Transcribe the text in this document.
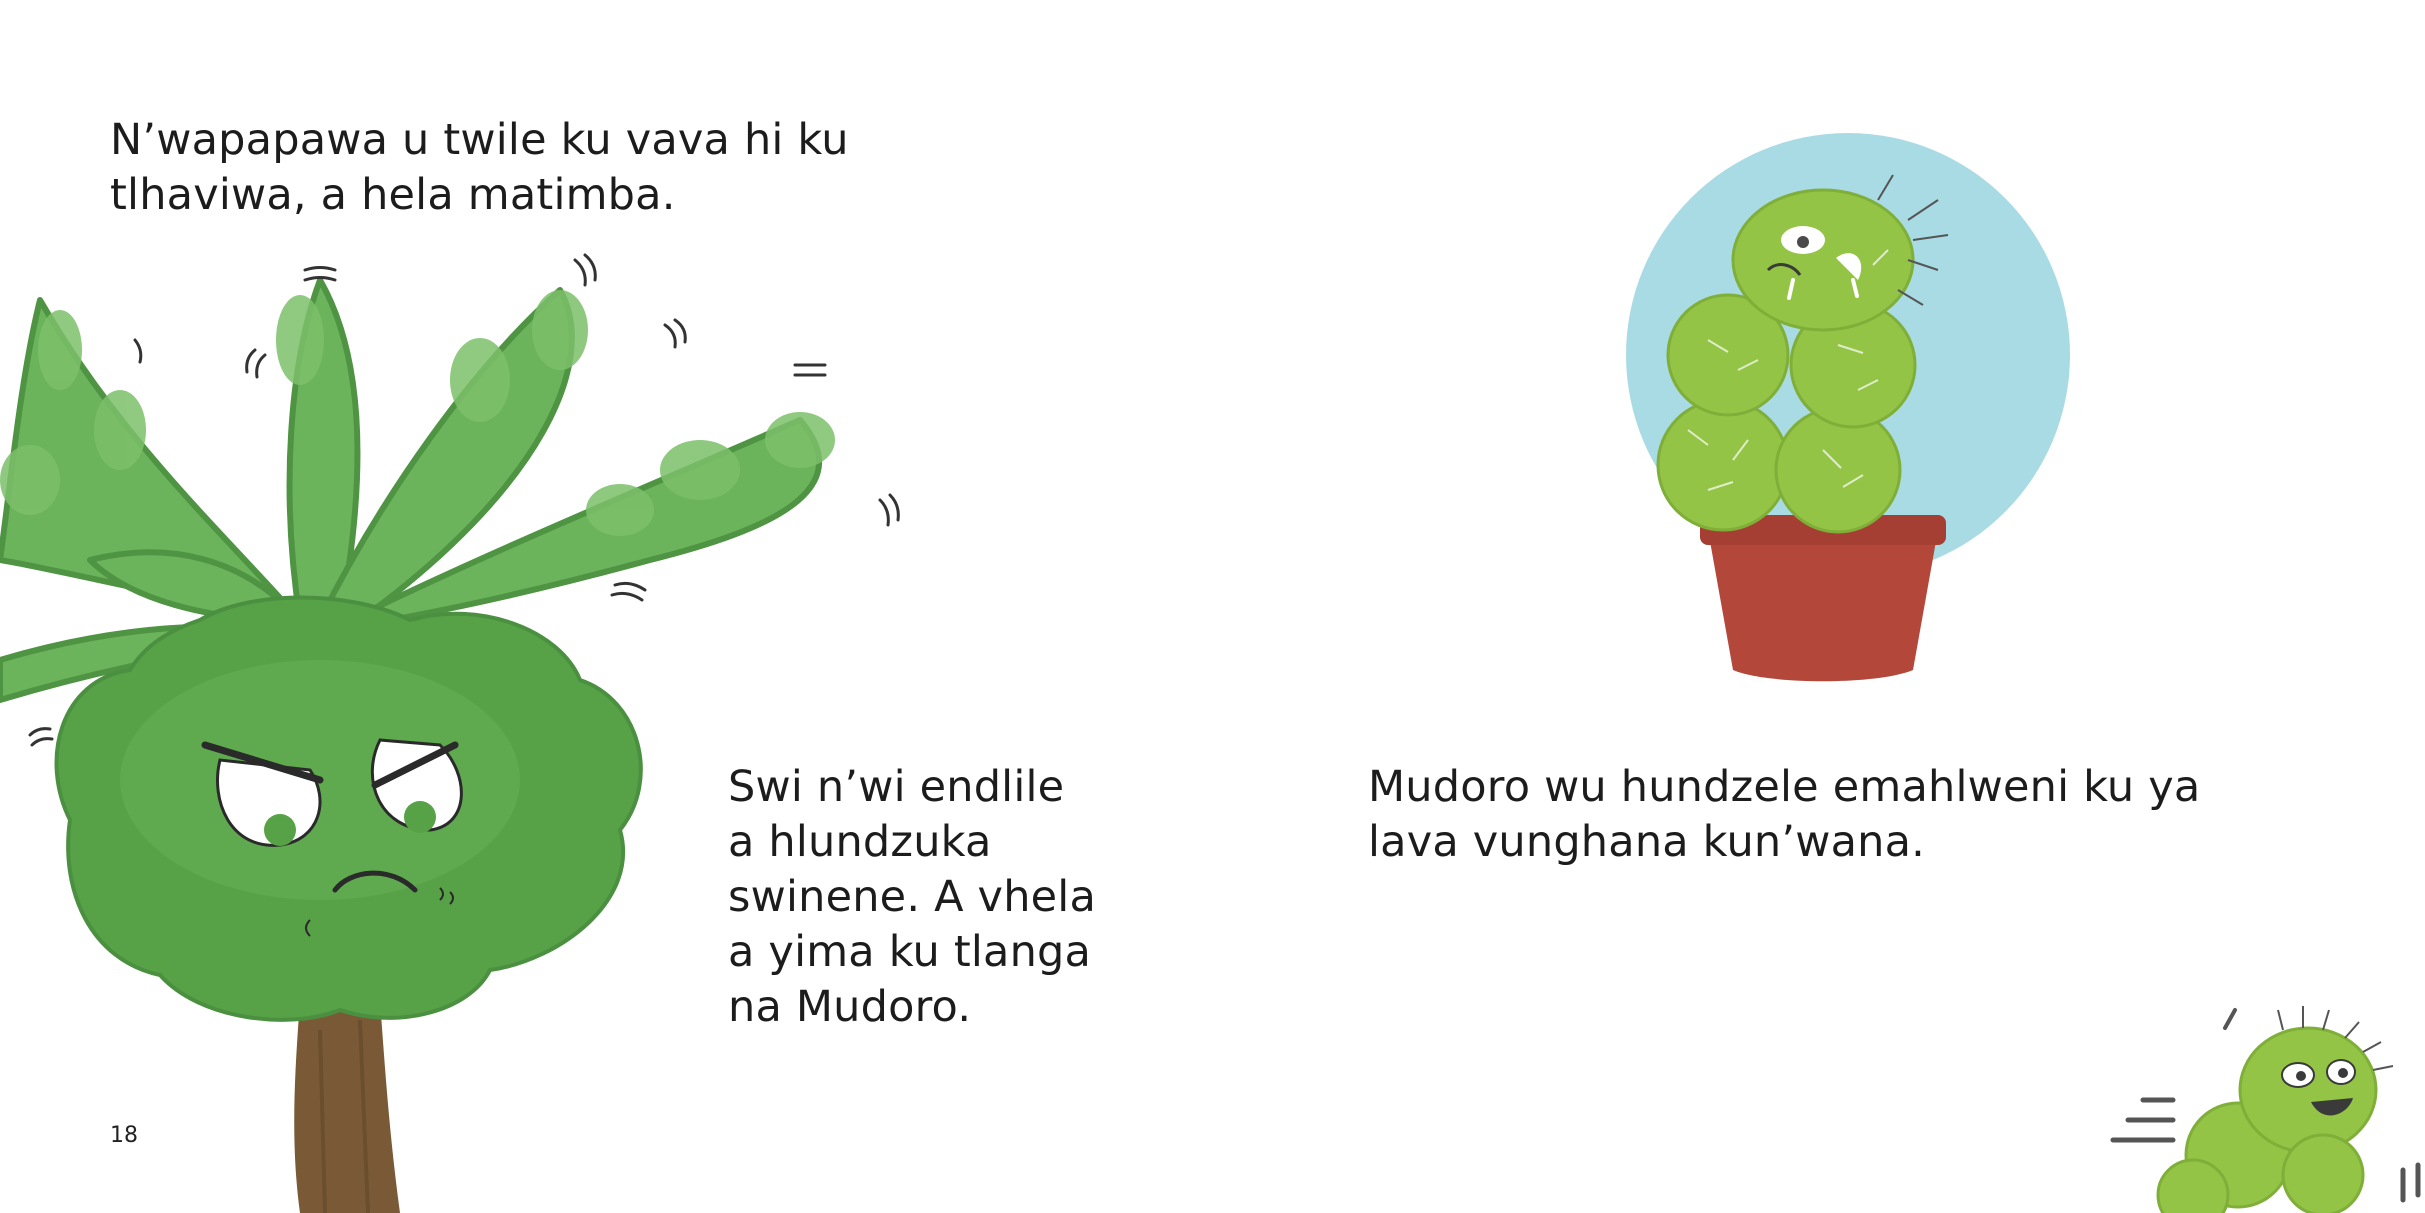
N’wapapawa u twile ku vava hi ku
tlhaviwa, a hela matimba.

Swi n’wi endlile
a hlundzuka
swinene. A vhela
a yima ku tlanga
na Mudoro.

18

Mudoro wu hundzele emahlweni ku ya
lava vunghana kun’wana.
